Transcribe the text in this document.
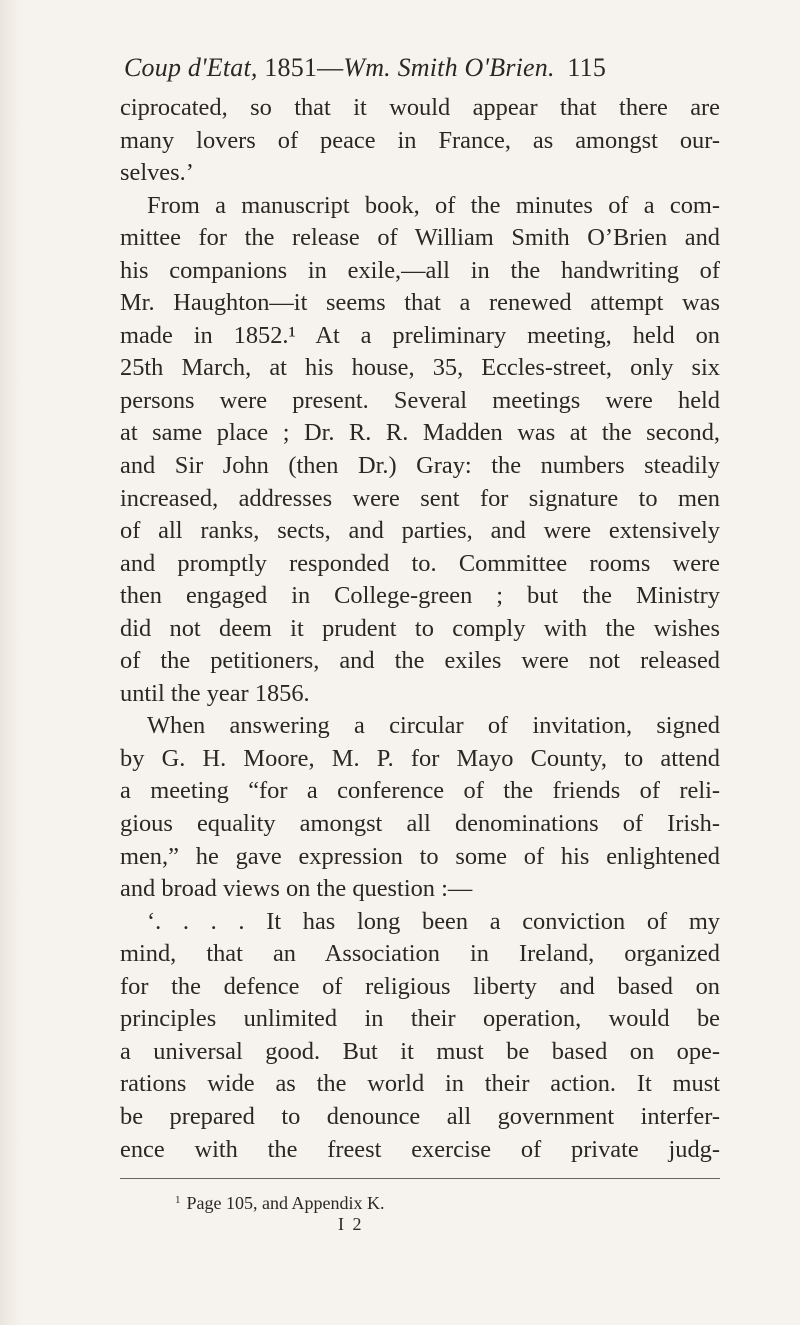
Coup d'Etat, 1851—Wm. Smith O'Brien. 115
ciprocated, so that it would appear that there are
many lovers of peace in France, as amongst our-
selves.’
From a manuscript book, of the minutes of a com-
mittee for the release of William Smith O’Brien and
his companions in exile,—all in the handwriting of
Mr. Haughton—it seems that a renewed attempt was
made in 1852.¹ At a preliminary meeting, held on
25th March, at his house, 35, Eccles-street, only six
persons were present. Several meetings were held
at same place ; Dr. R. R. Madden was at the second,
and Sir John (then Dr.) Gray: the numbers steadily
increased, addresses were sent for signature to men
of all ranks, sects, and parties, and were extensively
and promptly responded to. Committee rooms were
then engaged in College-green ; but the Ministry
did not deem it prudent to comply with the wishes
of the petitioners, and the exiles were not released
until the year 1856.
When answering a circular of invitation, signed
by G. H. Moore, M. P. for Mayo County, to attend
a meeting “for a conference of the friends of reli-
gious equality amongst all denominations of Irish-
men,” he gave expression to some of his enlightened
and broad views on the question :—
‘. . . . It has long been a conviction of my
mind, that an Association in Ireland, organized
for the defence of religious liberty and based on
principles unlimited in their operation, would be
a universal good. But it must be based on ope-
rations wide as the world in their action. It must
be prepared to denounce all government interfer-
ence with the freest exercise of private judg-
$^1$ Page 105, and Appendix K.
I 2
